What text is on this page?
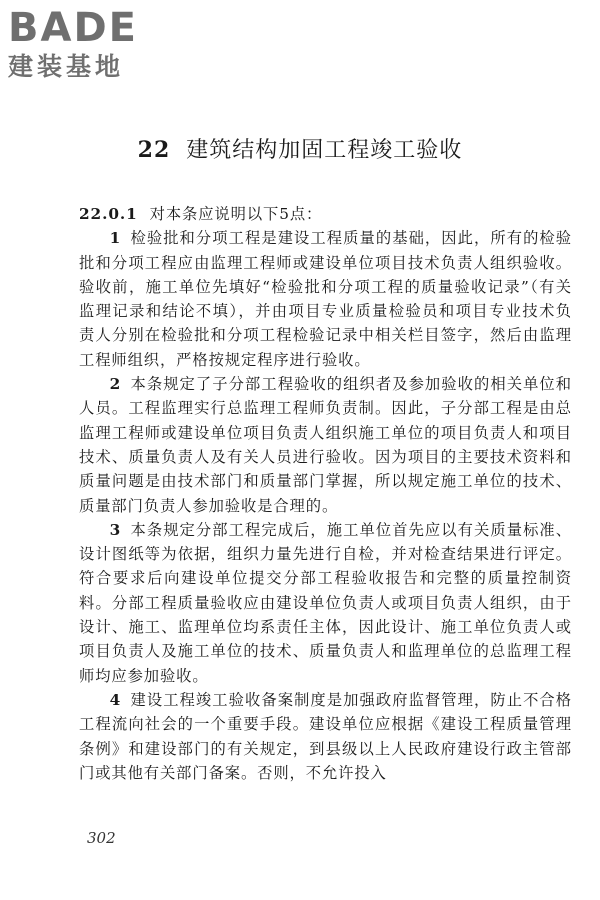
BADE
建装基地
22 建筑结构加固工程竣工验收

22.0.1 对本条应说明以下5点：

1 检验批和分项工程是建设工程质量的基础，因此，所有的检验批和分项工程应由监理工程师或建设单位项目技术负责人组织验收。验收前，施工单位先填好“检验批和分项工程的质量验收记录”（有关监理记录和结论不填），并由项目专业质量检验员和项目专业技术负责人分别在检验批和分项工程检验记录中相关栏目签字，然后由监理工程师组织，严格按规定程序进行验收。

2 本条规定了子分部工程验收的组织者及参加验收的相关单位和人员。工程监理实行总监理工程师负责制。因此，子分部工程是由总监理工程师或建设单位项目负责人组织施工单位的项目负责人和项目技术、质量负责人及有关人员进行验收。因为项目的主要技术资料和质量问题是由技术部门和质量部门掌握，所以规定施工单位的技术、质量部门负责人参加验收是合理的。

3 本条规定分部工程完成后，施工单位首先应以有关质量标准、设计图纸等为依据，组织力量先进行自检，并对检查结果进行评定。符合要求后向建设单位提交分部工程验收报告和完整的质量控制资料。分部工程质量验收应由建设单位负责人或项目负责人组织，由于设计、施工、监理单位均系责任主体，因此设计、施工单位负责人或项目负责人及施工单位的技术、质量负责人和监理单位的总监理工程师均应参加验收。

4 建设工程竣工验收备案制度是加强政府监督管理，防止不合格工程流向社会的一个重要手段。建设单位应根据《建设工程质量管理条例》和建设部门的有关规定，到县级以上人民政府建设行政主管部门或其他有关部门备案。否则，不允许投入

302
